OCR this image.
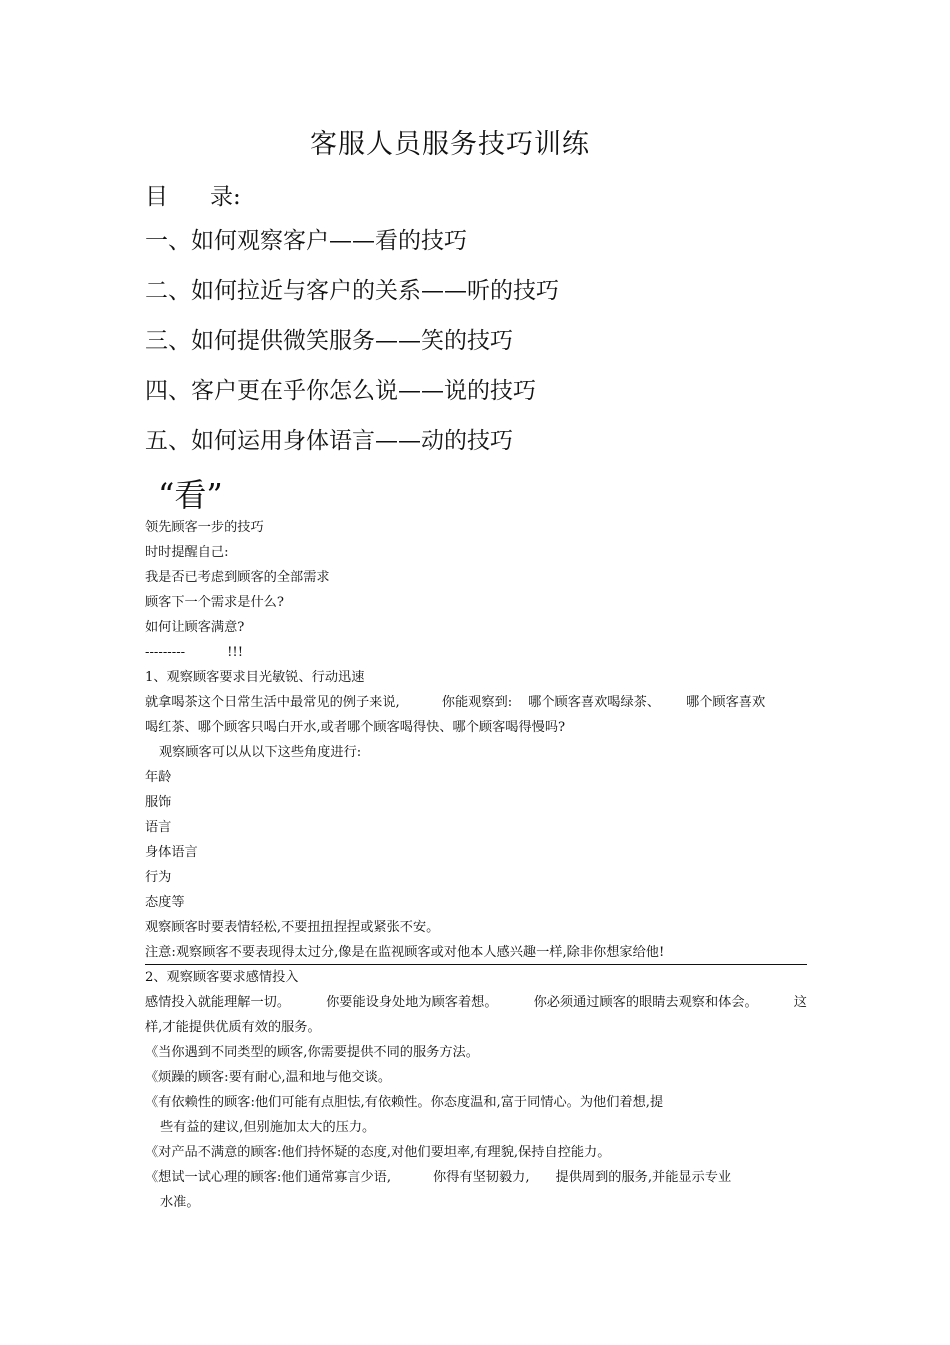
客服人员服务技巧训练
目 录:
一、如何观察客户——看的技巧
二、如何拉近与客户的关系——听的技巧
三、如何提供微笑服务——笑的技巧
四、客户更在乎你怎么说——说的技巧
五、如何运用身体语言——动的技巧
“看”
领先顾客一步的技巧
时时提醒自己:
我是否已考虑到顾客的全部需求
顾客下一个需求是什么?
如何让顾客满意?
---------	!!!
1、观察顾客要求目光敏锐、行动迅速
就拿喝茶这个日常生活中最常见的例子来说,	你能观察到: 哪个顾客喜欢喝绿茶、 哪个顾客喜欢
喝红茶、哪个顾客只喝白开水,或者哪个顾客喝得快、哪个顾客喝得慢吗?
观察顾客可以从以下这些角度进行:
年龄
服饰
语言
身体语言
行为
态度等
观察顾客时要表情轻松,不要扭扭捏捏或紧张不安。
注意:观察顾客不要表现得太过分,像是在监视顾客或对他本人感兴趣一样,除非你想家给他!
2、观察顾客要求感情投入
感情投入就能理解一切。	你要能设身处地为顾客着想。	你必须通过顾客的眼睛去观察和体会。	这
样,才能提供优质有效的服务。
《当你遇到不同类型的顾客,你需要提供不同的服务方法。
《烦躁的顾客:要有耐心,温和地与他交谈。
《有依赖性的顾客:他们可能有点胆怯,有依赖性。你态度温和,富于同情心。为他们着想,提
些有益的建议,但别施加太大的压力。
《对产品不满意的顾客:他们持怀疑的态度,对他们要坦率,有理貌,保持自控能力。
《想试一试心理的顾客:他们通常寡言少语,	你得有坚韧毅力, 提供周到的服务,并能显示专业
水准。
